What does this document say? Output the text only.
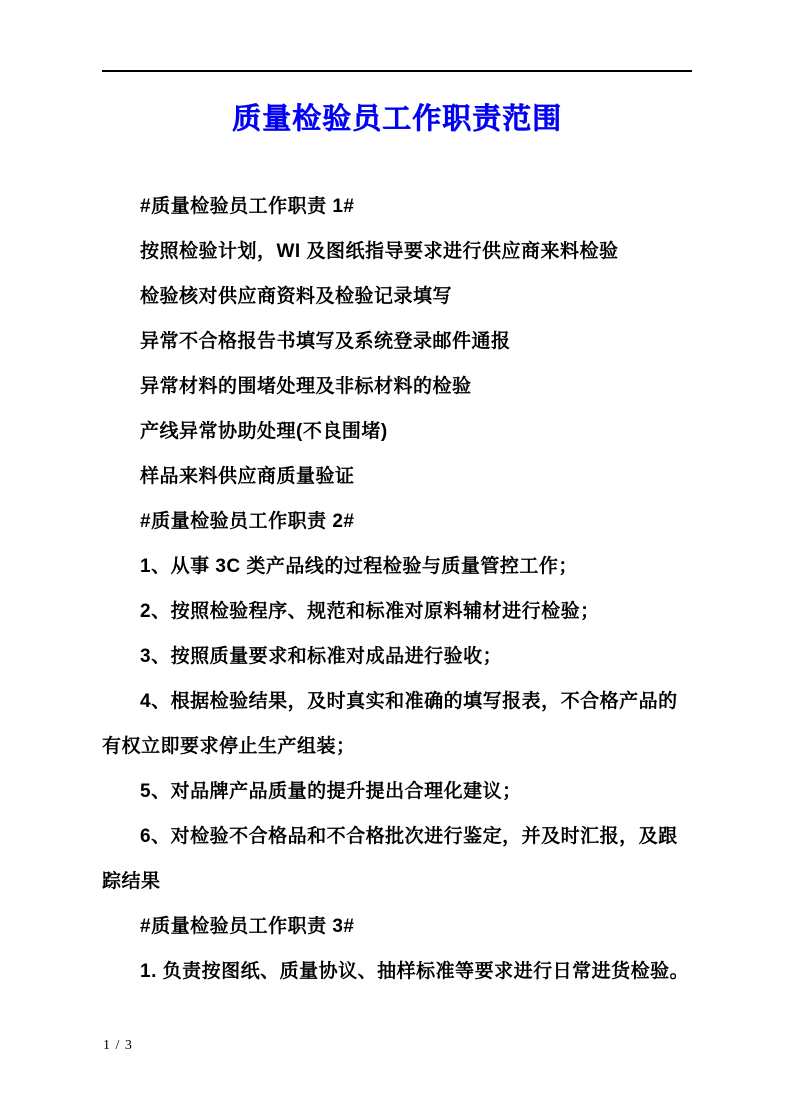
质量检验员工作职责范围

#质量检验员工作职责 1#

按照检验计划，WI 及图纸指导要求进行供应商来料检验

检验核对供应商资料及检验记录填写

异常不合格报告书填写及系统登录邮件通报

异常材料的围堵处理及非标材料的检验

产线异常协助处理(不良围堵)

样品来料供应商质量验证

#质量检验员工作职责 2#

1、从事 3C 类产品线的过程检验与质量管控工作；

2、按照检验程序、规范和标准对原料辅材进行检验；

3、按照质量要求和标准对成品进行验收；

4、根据检验结果，及时真实和准确的填写报表，不合格产品的有权立即要求停止生产组装；

5、对品牌产品质量的提升提出合理化建议；

6、对检验不合格品和不合格批次进行鉴定，并及时汇报，及跟踪结果

#质量检验员工作职责 3#

1. 负责按图纸、质量协议、抽样标准等要求进行日常进货检验。

1 / 3
